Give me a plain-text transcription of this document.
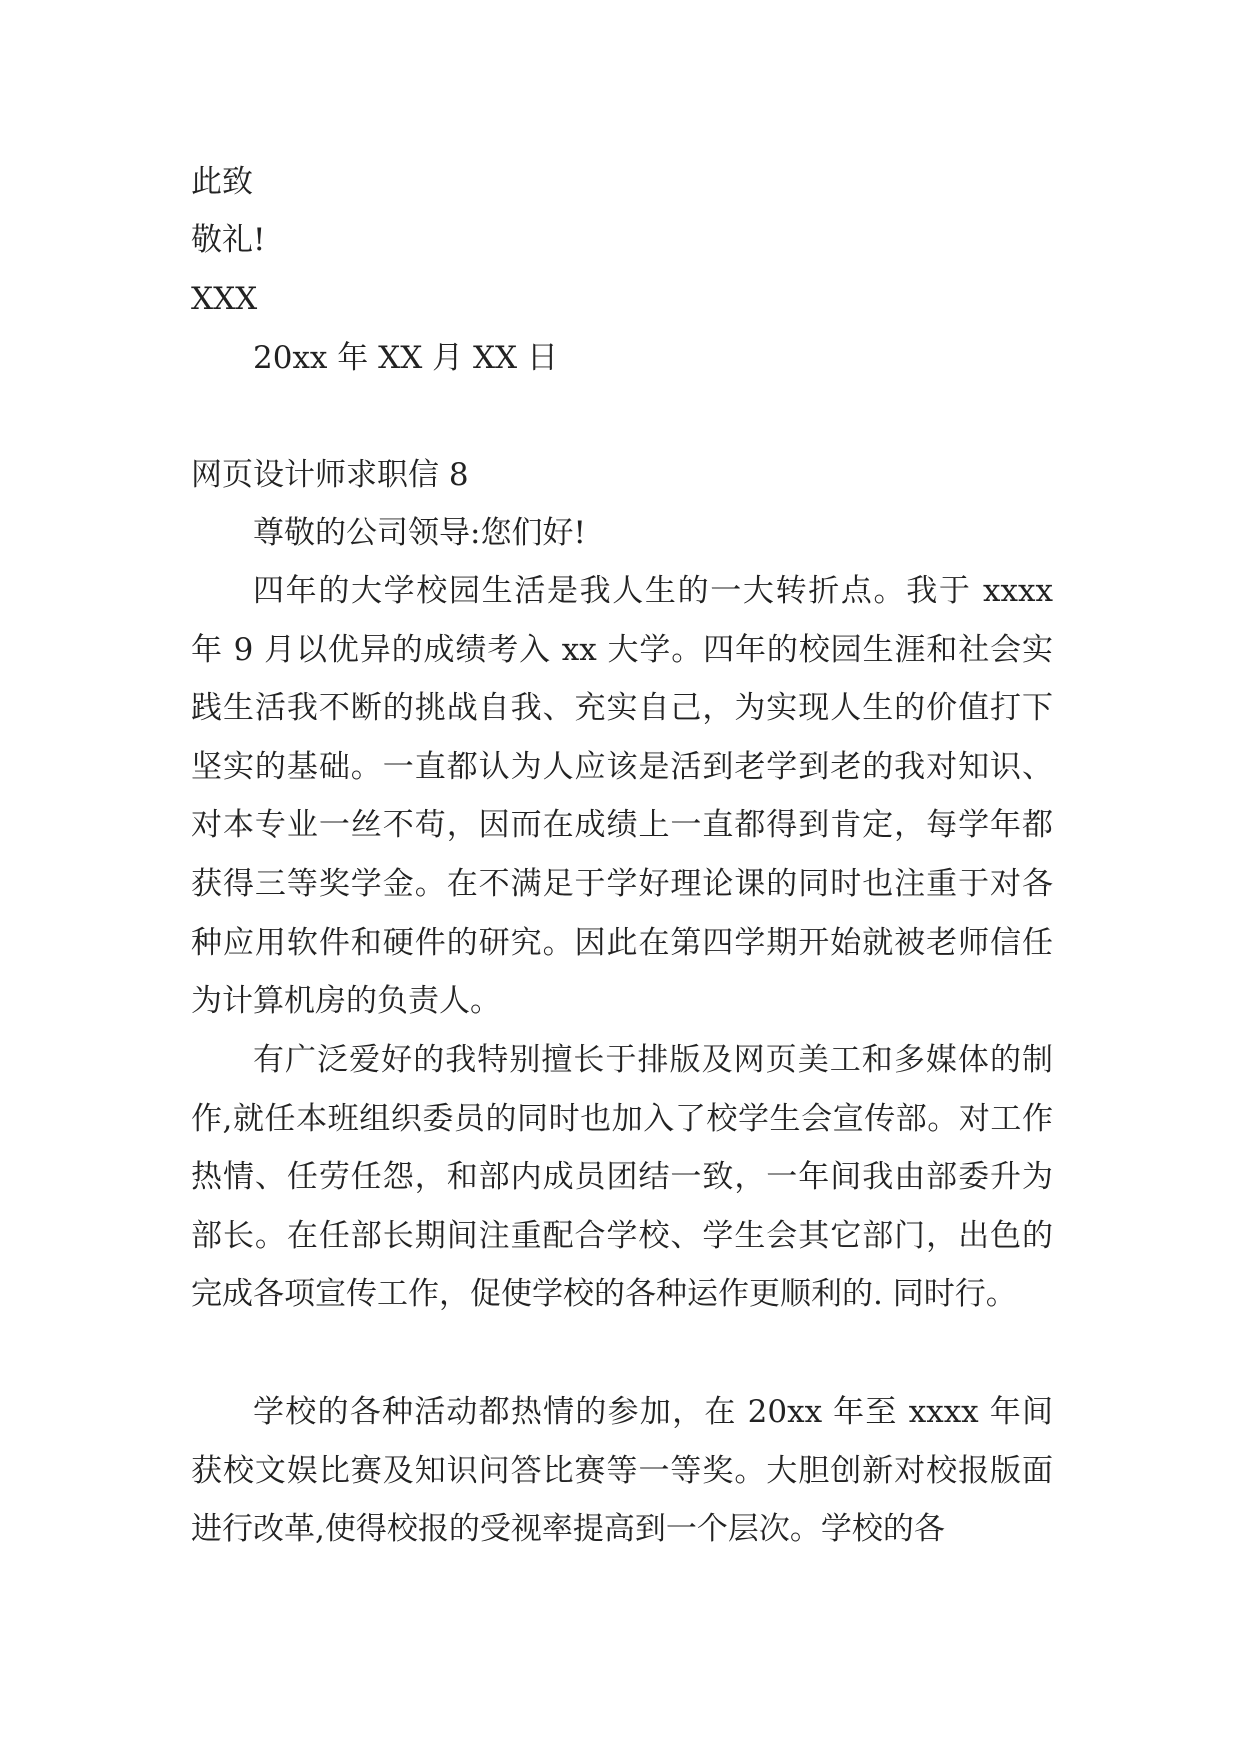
此致
敬礼!
XXX
20xx 年 XX 月 XX 日
网页设计师求职信 8
尊敬的公司领导:您们好!

四年的大学校园生活是我人生的一大转折点。我于 xxxx 年 9 月以优异的成绩考入 xx 大学。四年的校园生涯和社会实践生活我不断的挑战自我、充实自己，为实现人生的价值打下坚实的基础。一直都认为人应该是活到老学到老的我对知识、对本专业一丝不苟，因而在成绩上一直都得到肯定，每学年都获得三等奖学金。在不满足于学好理论课的同时也注重于对各种应用软件和硬件的研究。因此在第四学期开始就被老师信任为计算机房的负责人。

有广泛爱好的我特别擅长于排版及网页美工和多媒体的制作,就任本班组织委员的同时也加入了校学生会宣传部。对工作热情、任劳任怨，和部内成员团结一致，一年间我由部委升为部长。在任部长期间注重配合学校、学生会其它部门，出色的完成各项宣传工作，促使学校的各种运作更顺利的. 同时行。

学校的各种活动都热情的参加，在 20xx 年至 xxxx 年间获校文娱比赛及知识问答比赛等一等奖。大胆创新对校报版面进行改革,使得校报的受视率提高到一个层次。学校的各
